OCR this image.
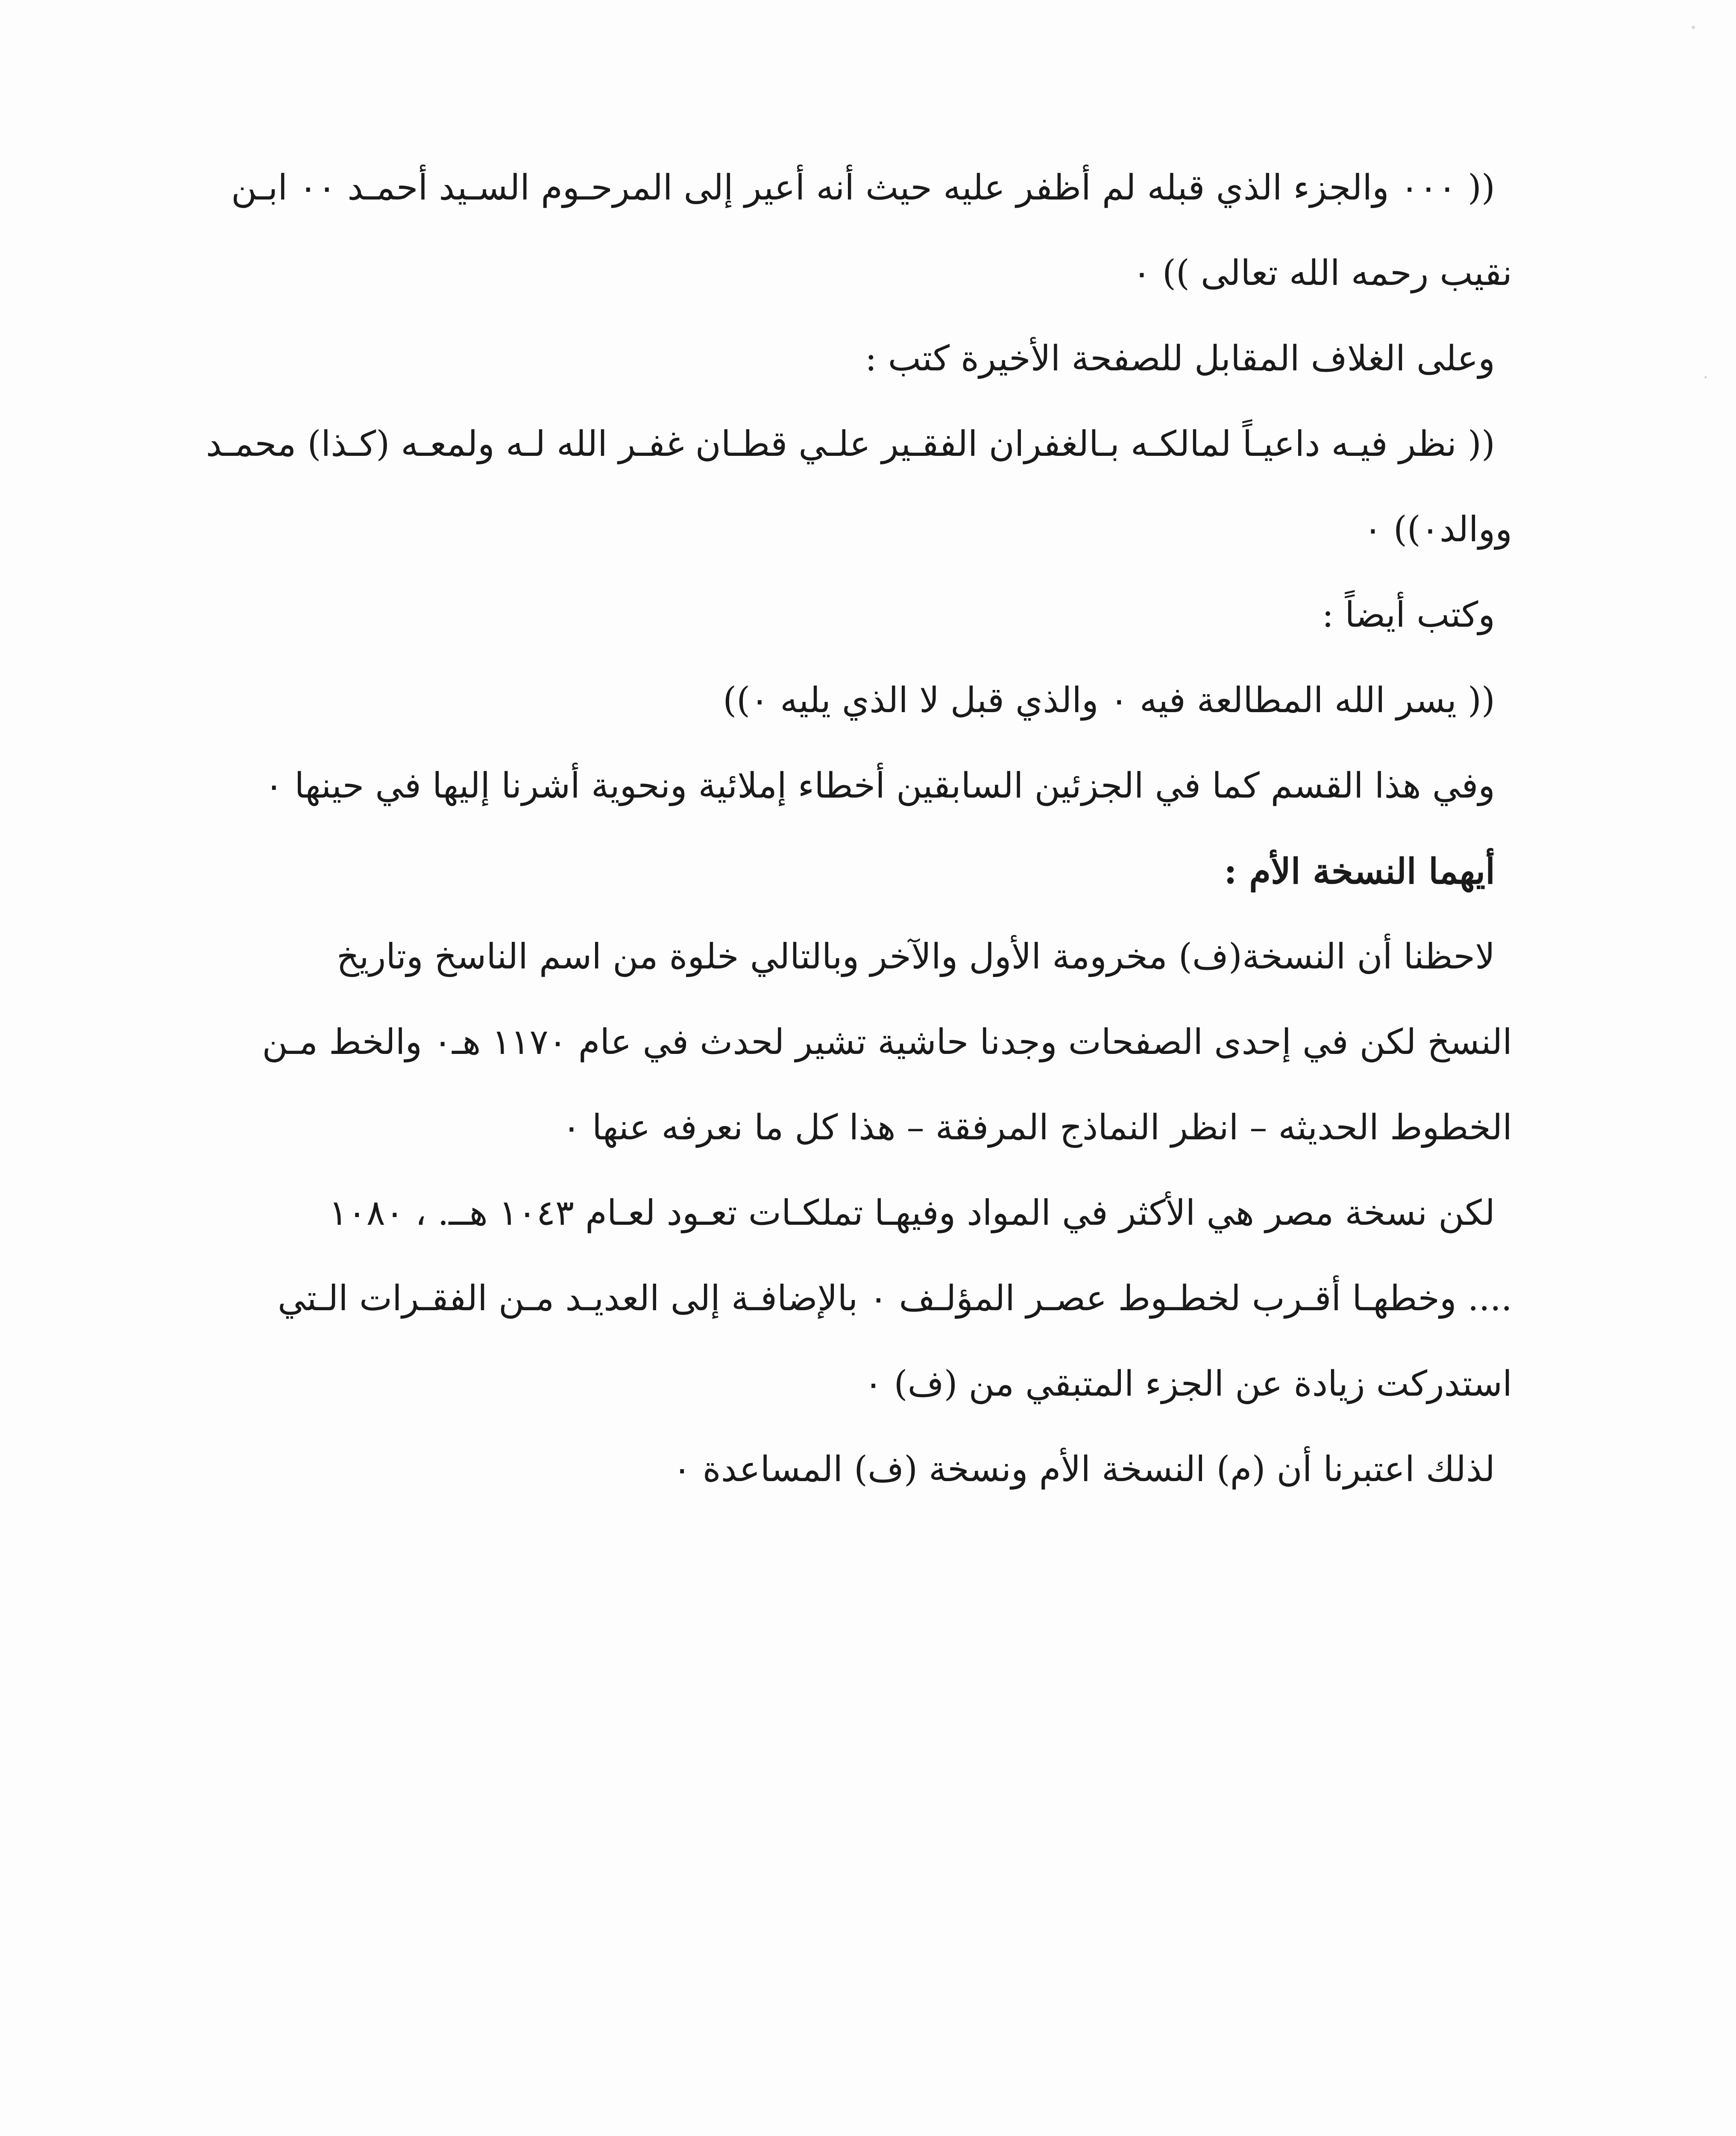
(( ٠٠٠ والجزء الذي قبله لم أظفر عليه حيث أنه أعير إلى المرحـوم السـيد أحمـد ٠٠ ابـن
نقيب رحمه الله تعالى )) ٠
وعلى الغلاف المقابل للصفحة الأخيرة كتب :
(( نظر فيـه داعيـاً لمالكـه بـالغفران الفقـير علـي قطـان غفـر الله لـه ولمعـه (كـذا) محمـد
ووالد٠)) ٠
وكتب أيضاً :
(( يسر الله المطالعة فيه ٠ والذي قبل لا الذي يليه ٠))
وفي هذا القسم كما في الجزئين السابقين أخطاء إملائية ونحوية أشرنا إليها في حينها ٠
أيهما النسخة الأم :
لاحظنا أن النسخة(ف) مخرومة الأول والآخر وبالتالي خلوة من اسم الناسخ وتاريخ
النسخ لكن في إحدى الصفحات وجدنا حاشية تشير لحدث في عام ١١٧٠ هـ٠ والخط مـن
الخطوط الحديثه – انظر النماذج المرفقة – هذا كل ما نعرفه عنها ٠
لكن نسخة مصر هي الأكثر في المواد وفيهـا تملكـات تعـود لعـام ١٠٤٣ هــ. ، ١٠٨٠
.... وخطهـا أقـرب لخطـوط عصـر المؤلـف ٠ بالإضافـة إلى العديـد مـن الفقـرات الـتي
استدركت زيادة عن الجزء المتبقي من (ف) ٠
لذلك اعتبرنا أن (م) النسخة الأم ونسخة (ف) المساعدة ٠
